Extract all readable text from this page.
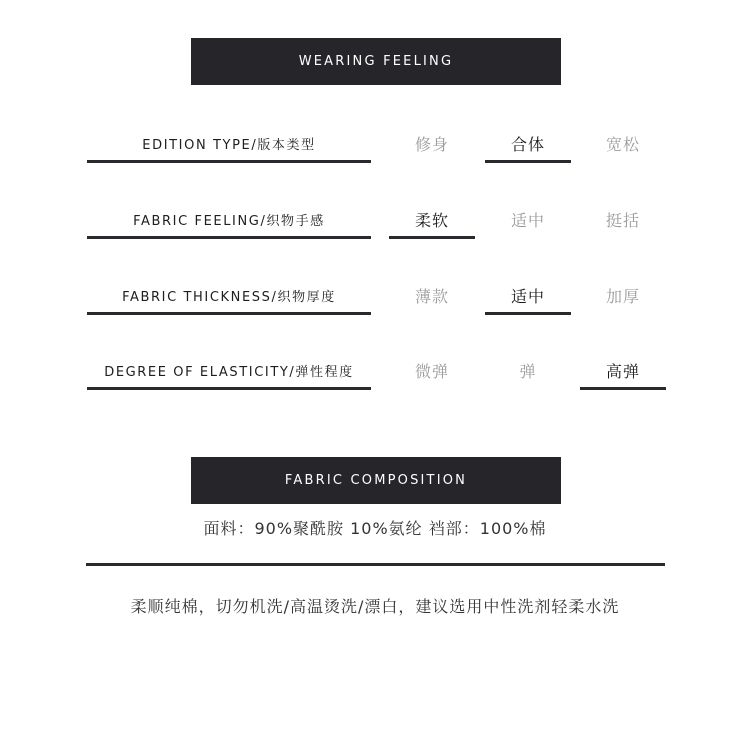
WEARING FEELING
EDITION TYPE/版本类型	修身	合体	宽松
FABRIC FEELING/织物手感	柔软	适中	挺括
FABRIC THICKNESS/织物厚度	薄款	适中	加厚
DEGREE OF ELASTICITY/弹性程度	微弹	弹	高弹
FABRIC COMPOSITION
面料：90%聚酰胺 10%氨纶 裆部：100%棉
柔顺纯棉，切勿机洗/高温烫洗/漂白，建议选用中性洗剂轻柔水洗
